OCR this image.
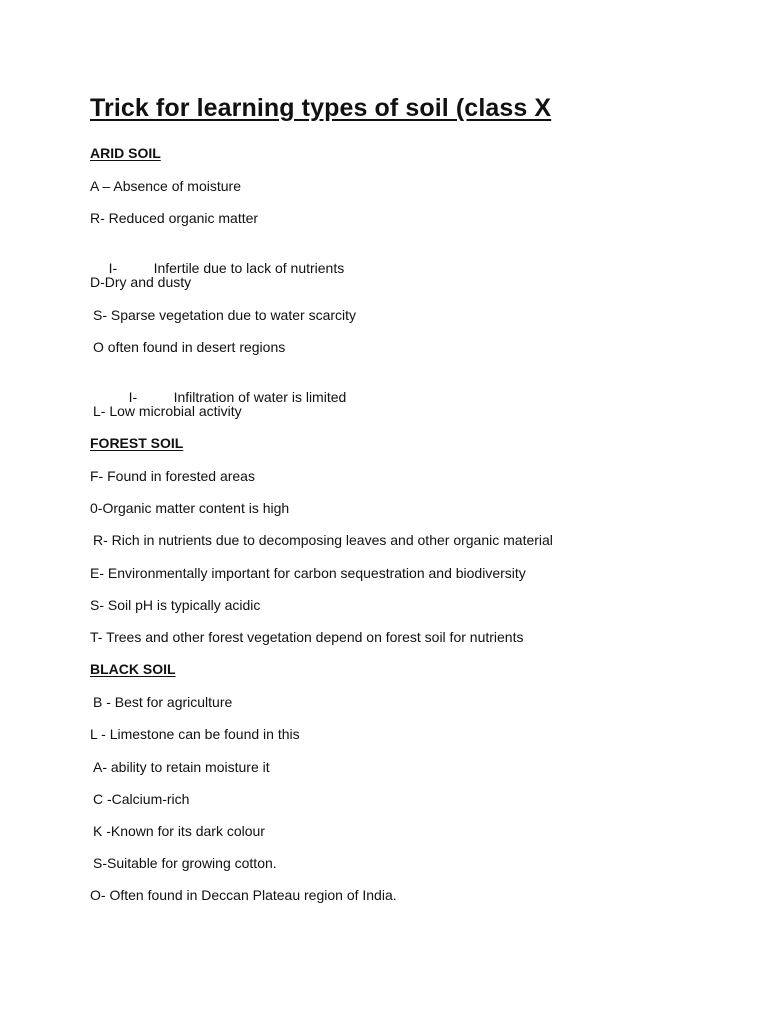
Trick for learning types of soil (class X
ARID SOIL
A – Absence of moisture
R- Reduced organic matter

I-	Infertile due to lack of nutrients

D-Dry and dusty
S- Sparse vegetation due to water scarcity
O often found in desert regions

I-	Infiltration of water is limited

L- Low microbial activity
FOREST SOIL
F- Found in forested areas
0-Organic matter content is high
R- Rich in nutrients due to decomposing leaves and other organic material
E- Environmentally important for carbon sequestration and biodiversity
S- Soil pH is typically acidic
T- Trees and other forest vegetation depend on forest soil for nutrients
BLACK SOIL
B - Best for agriculture
L - Limestone can be found in this
A- ability to retain moisture it
C -Calcium-rich
K -Known for its dark colour
S-Suitable for growing cotton.
O- Often found in Deccan Plateau region of India.
